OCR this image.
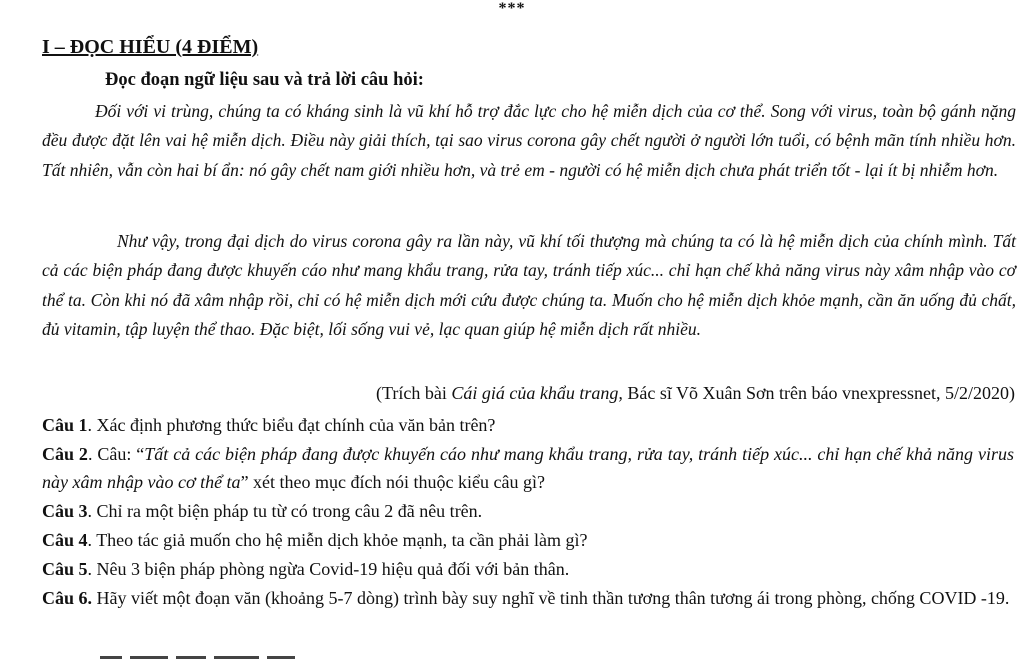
***
I – ĐỌC HIỂU (4 ĐIỂM)
Đọc đoạn ngữ liệu sau và trả lời câu hỏi:

Đối với vi trùng, chúng ta có kháng sinh là vũ khí hỗ trợ đắc lực cho hệ miễn dịch của cơ thể. Song với virus, toàn bộ gánh nặng đều được đặt lên vai hệ miễn dịch. Điều này giải thích, tại sao virus corona gây chết người ở người lớn tuổi, có bệnh mãn tính nhiều hơn. Tất nhiên, vẫn còn hai bí ẩn: nó gây chết nam giới nhiều hơn, và trẻ em - người có hệ miễn dịch chưa phát triển tốt - lại ít bị nhiễm hơn.

Như vậy, trong đại dịch do virus corona gây ra lần này, vũ khí tối thượng mà chúng ta có là hệ miễn dịch của chính mình. Tất cả các biện pháp đang được khuyến cáo như mang khẩu trang, rửa tay, tránh tiếp xúc... chỉ hạn chế khả năng virus này xâm nhập vào cơ thể ta. Còn khi nó đã xâm nhập rồi, chỉ có hệ miễn dịch mới cứu được chúng ta. Muốn cho hệ miễn dịch khỏe mạnh, cần ăn uống đủ chất, đủ vitamin, tập luyện thể thao. Đặc biệt, lối sống vui vẻ, lạc quan giúp hệ miễn dịch rất nhiều.

(Trích bài Cái giá của khẩu trang, Bác sĩ Võ Xuân Sơn trên báo vnexpressnet, 5/2/2020)

Câu 1. Xác định phương thức biểu đạt chính của văn bản trên?

Câu 2. Câu: “Tất cả các biện pháp đang được khuyến cáo như mang khẩu trang, rửa tay, tránh tiếp xúc... chỉ hạn chế khả năng virus này xâm nhập vào cơ thể ta” xét theo mục đích nói thuộc kiểu câu gì?

Câu 3. Chỉ ra một biện pháp tu từ có trong câu 2 đã nêu trên.

Câu 4. Theo tác giả muốn cho hệ miễn dịch khỏe mạnh, ta cần phải làm gì?

Câu 5. Nêu 3 biện pháp phòng ngừa Covid-19 hiệu quả đối với bản thân.

Câu 6. Hãy viết một đoạn văn (khoảng 5-7 dòng) trình bày suy nghĩ về tinh thần tương thân tương ái trong phòng, chống COVID -19.
